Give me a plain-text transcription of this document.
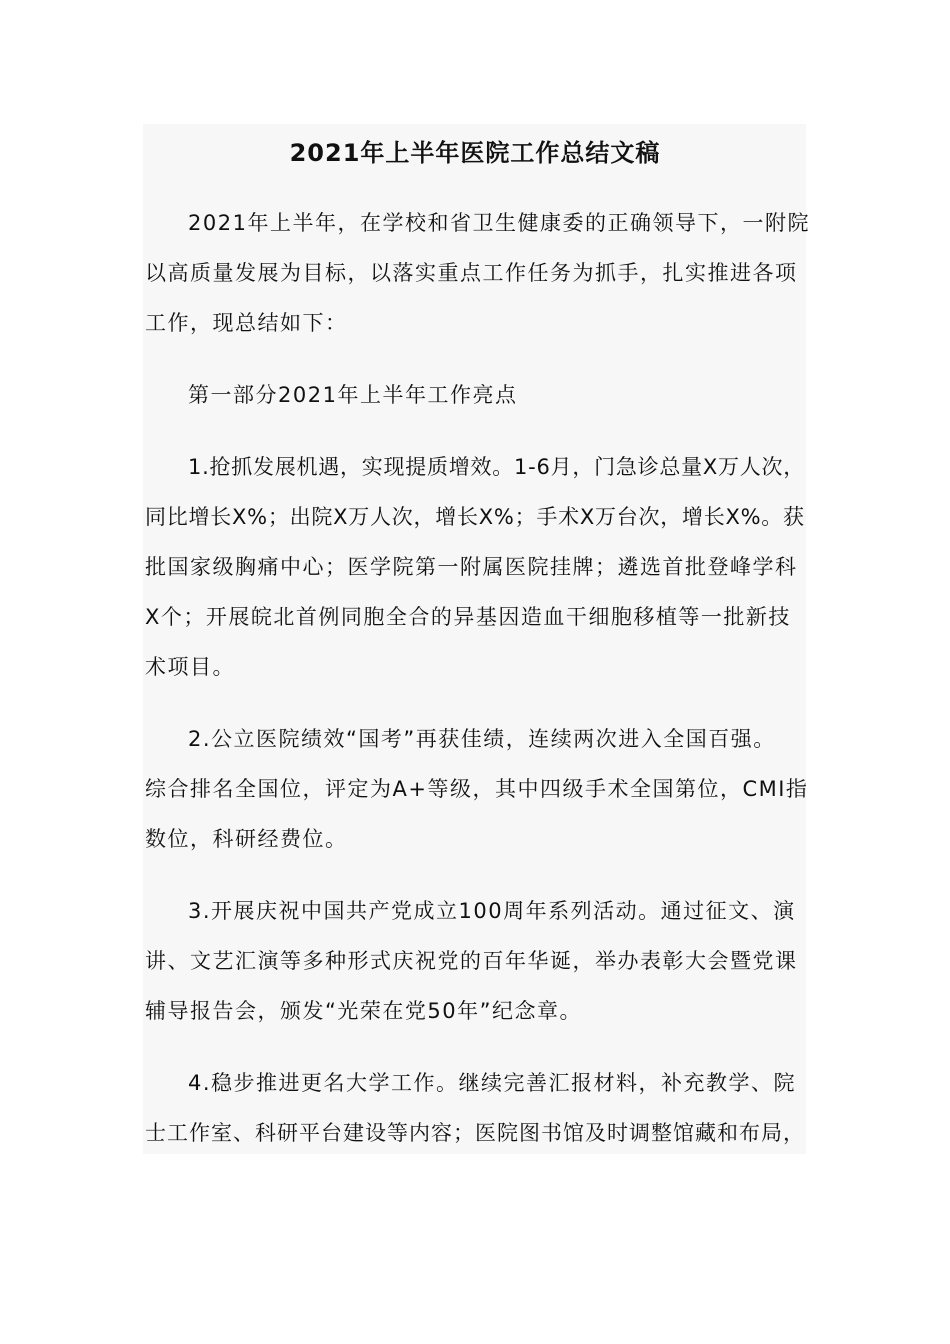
2021年上半年医院工作总结文稿
2021年上半年，在学校和省卫生健康委的正确领导下，一附院
以高质量发展为目标，以落实重点工作任务为抓手，扎实推进各项
工作，现总结如下：
第一部分2021年上半年工作亮点
1.抢抓发展机遇，实现提质增效。1-6月，门急诊总量X万人次，
同比增长X%；出院X万人次，增长X%；手术X万台次，增长X%。获
批国家级胸痛中心；医学院第一附属医院挂牌；遴选首批登峰学科
X个；开展皖北首例同胞全合的异基因造血干细胞移植等一批新技
术项目。
2.公立医院绩效“国考”再获佳绩，连续两次进入全国百强。
综合排名全国位，评定为A+等级，其中四级手术全国第位，CMI指
数位，科研经费位。
3.开展庆祝中国共产党成立100周年系列活动。通过征文、演
讲、文艺汇演等多种形式庆祝党的百年华诞，举办表彰大会暨党课
辅导报告会，颁发“光荣在党50年”纪念章。
4.稳步推进更名大学工作。继续完善汇报材料，补充教学、院
士工作室、科研平台建设等内容；医院图书馆及时调整馆藏和布局，
